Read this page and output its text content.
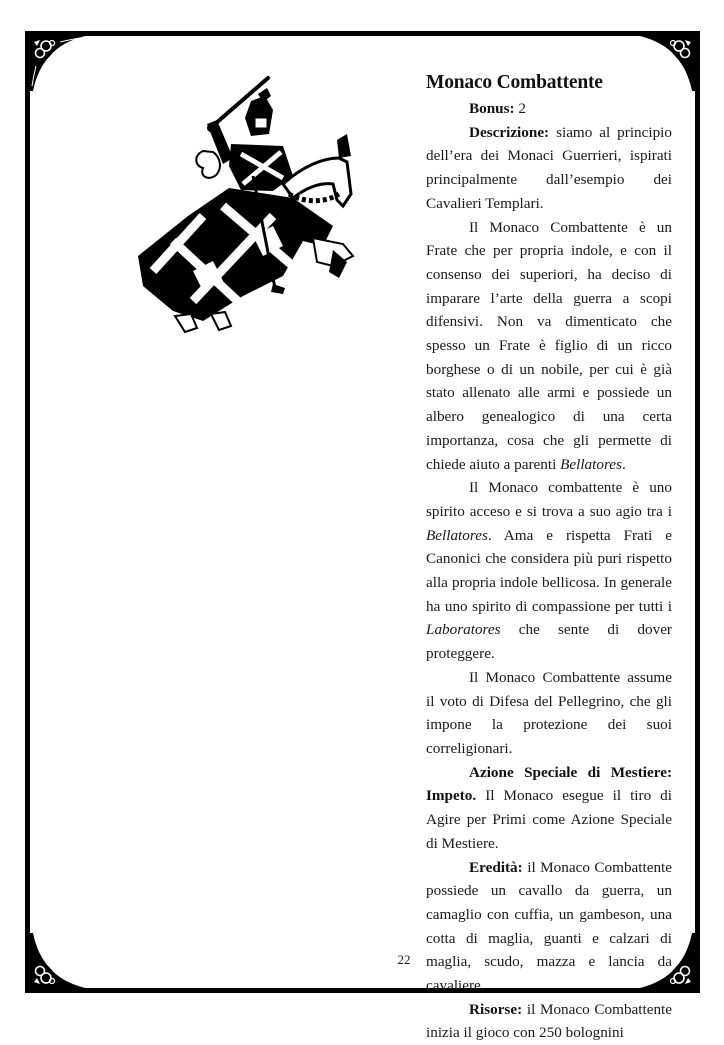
Monaco Combattente

Bonus: 2

Descrizione: siamo al principio dell’era dei Monaci Guerrieri, ispirati principalmente dall’esempio dei Cavalieri Templari.

Il Monaco Combattente è un Frate che per propria indole, e con il consenso dei superiori, ha deciso di imparare l’arte della guerra a scopi difensivi. Non va dimenticato che spesso un Frate è figlio di un ricco borghese o di un nobile, per cui è già stato allenato alle armi e possiede un albero genealogico di una certa importanza, cosa che gli permette di chiede aiuto a parenti Bellatores.

Il Monaco combattente è uno spirito acceso e si trova a suo agio tra i Bellatores. Ama e rispetta Frati e Canonici che considera più puri rispetto alla propria indole bellicosa. In generale ha uno spirito di compassione per tutti i Laboratores che sente di dover proteggere.

Il Monaco Combattente assume il voto di Difesa del Pellegrino, che gli impone la protezione dei suoi correligionari.

Azione Speciale di Mestiere: Impeto. Il Monaco esegue il tiro di Agire per Primi come Azione Speciale di Mestiere.

Eredità: il Monaco Combattente possiede un cavallo da guerra, un camaglio con cuffia, un gambeson, una cotta di maglia, guanti e calzari di maglia, scudo, mazza e lancia da cavaliere.

Risorse: il Monaco Combattente inizia il gioco con 250 bolognini

22
